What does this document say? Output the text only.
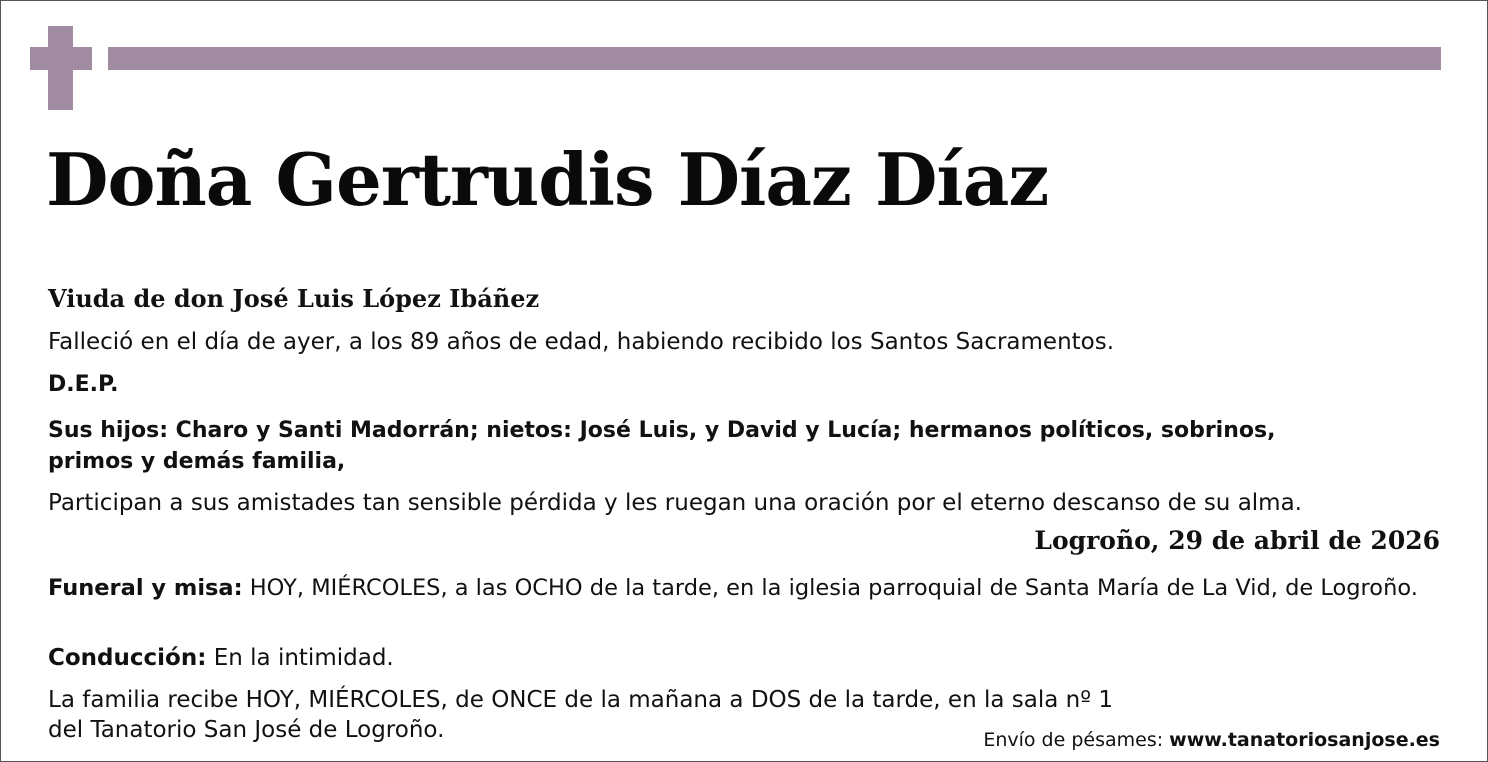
Doña Gertrudis Díaz Díaz

Viuda de don José Luis López Ibáñez

Falleció en el día de ayer, a los 89 años de edad, habiendo recibido los Santos Sacramentos.

D.E.P.

Sus hijos: Charo y Santi Madorrán; nietos: José Luis, y David y Lucía; hermanos políticos, sobrinos,
primos y demás familia,

Participan a sus amistades tan sensible pérdida y les ruegan una oración por el eterno descanso de su alma.

Logroño, 29 de abril de 2026

Funeral y misa: HOY, MIÉRCOLES, a las OCHO de la tarde, en la iglesia parroquial de Santa María de La Vid, de Logroño.

Conducción: En la intimidad.

La familia recibe HOY, MIÉRCOLES, de ONCE de la mañana a DOS de la tarde, en la sala nº 1
del Tanatorio San José de Logroño.	Envío de pésames: www.tanatoriosanjose.es
